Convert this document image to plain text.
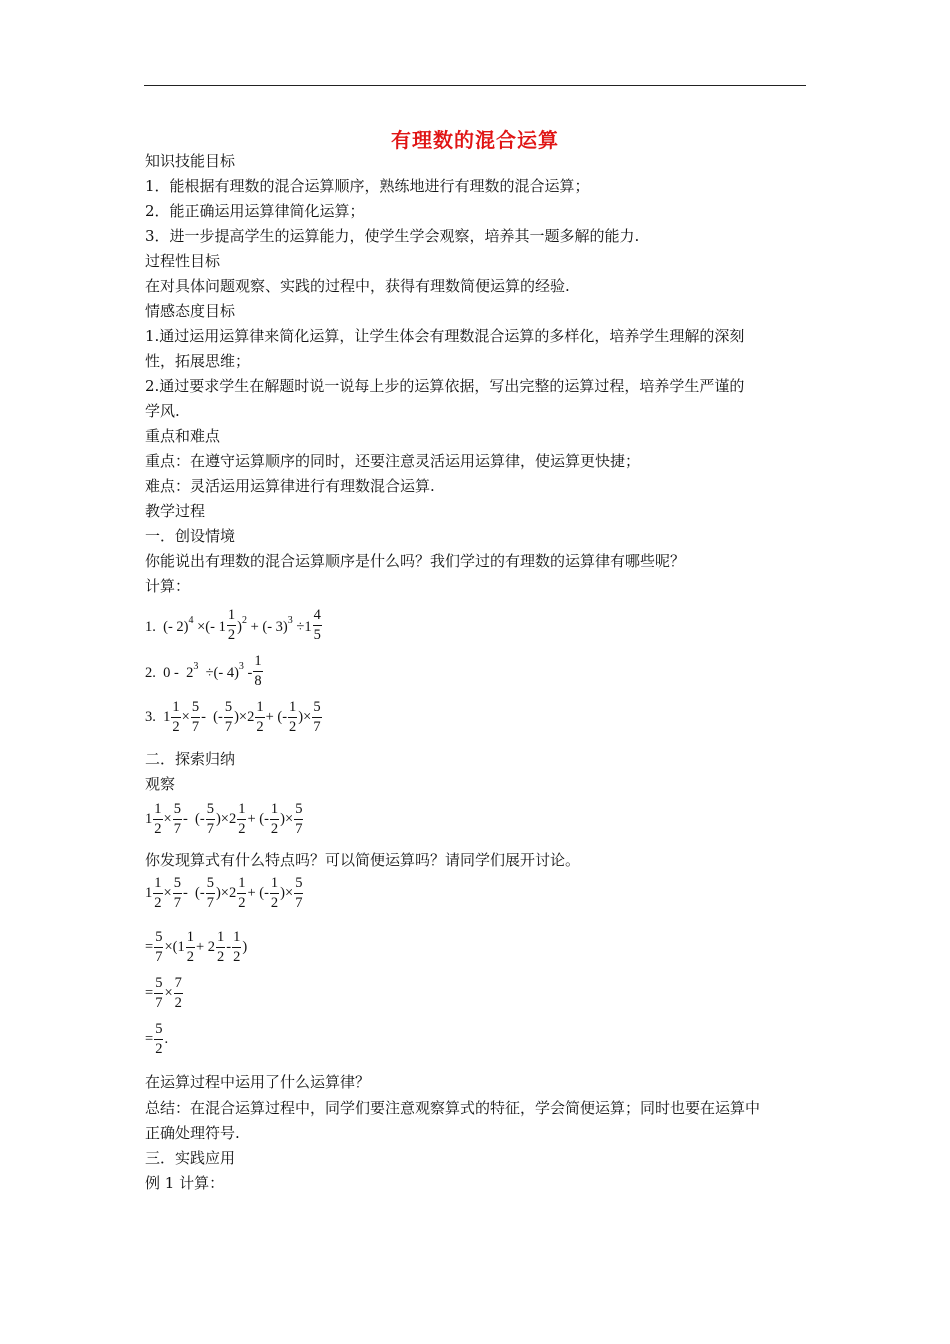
有理数的混合运算
知识技能目标
1．能根据有理数的混合运算顺序，熟练地进行有理数的混合运算；
2．能正确运用运算律简化运算；
3．进一步提高学生的运算能力，使学生学会观察，培养其一题多解的能力.
过程性目标
在对具体问题观察、实践的过程中，获得有理数简便运算的经验.
情感态度目标
1.通过运用运算律来简化运算，让学生体会有理数混合运算的多样化，培养学生理解的深刻
性，拓展思维；
2.通过要求学生在解题时说一说每上步的运算依据，写出完整的运算过程，培养学生严谨的
学风.
重点和难点
重点：在遵守运算顺序的同时，还要注意灵活运用运算律，使运算更快捷；
难点：灵活运用运算律进行有理数混合运算.
教学过程
一．创设情境
你能说出有理数的混合运算顺序是什么吗？我们学过的有理数的运算律有哪些呢？
计算：
1.  (- 2)$^4$ ×(- $1 \frac{1}{2} )^2$ + (- $3)^3 \div 1 \frac{4}{5}$
2.  $0 - 2^3$  ÷(- $4)^3 - \frac{1}{8}$
3.  $1 \frac{1}{2} \times \frac{5}{7}$ -  (- $\frac{5}{7} )\times 2 \frac{1}{2}$ + (- $\frac{1}{2}$ )× $\frac{5}{7}$
二．探索归纳
观察
$1 \frac{1}{2} \times \frac{5}{7}$ -  (- $\frac{5}{7} )\times 2 \frac{1}{2}$ + (- $\frac{1}{2}$ )× $\frac{5}{7}$
你发现算式有什么特点吗？可以简便运算吗？请同学们展开讨论。
$1 \frac{1}{2} \times \frac{5}{7}$ -  (- $\frac{5}{7} )\times 2 \frac{1}{2}$ + (- $\frac{1}{2}$ )× $\frac{5}{7}$
= $\frac{5}{7} \times(1 \frac{1}{2} + 2 \frac{1}{2} - \frac{1}{2}$ )
= $\frac{5}{7} \times \frac{7}{2}$
= $\frac{5}{2}$ .
在运算过程中运用了什么运算律？
总结：在混合运算过程中，同学们要注意观察算式的特征，学会简便运算；同时也要在运算中
正确处理符号.
三．实践应用
例 1 计算：
